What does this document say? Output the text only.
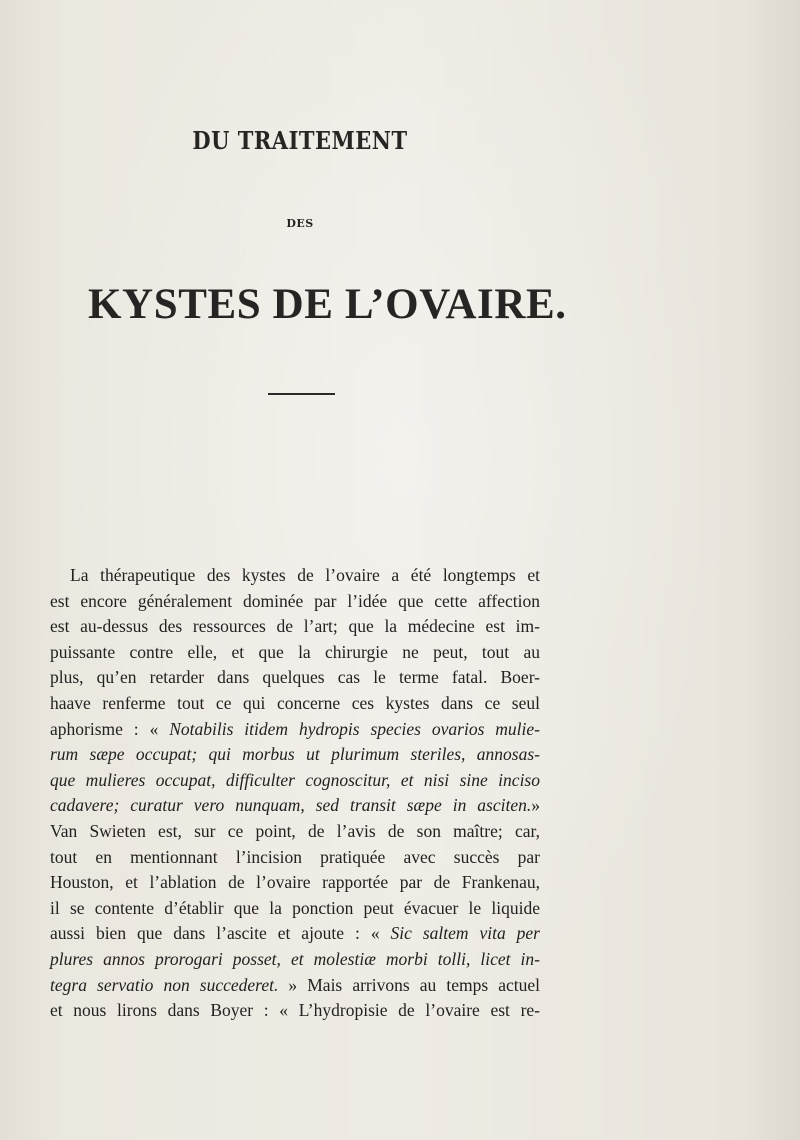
DU TRAITEMENT
DES
KYSTES DE L’OVAIRE.
La thérapeutique des kystes de l’ovaire a été longtemps et
est encore généralement dominée par l’idée que cette affection
est au-dessus des ressources de l’art; que la médecine est im-
puissante contre elle, et que la chirurgie ne peut, tout au
plus, qu’en retarder dans quelques cas le terme fatal. Boer-
haave renferme tout ce qui concerne ces kystes dans ce seul
aphorisme : « Notabilis itidem hydropis species ovarios mulie-
rum sæpe occupat; qui morbus ut plurimum steriles, annosas-
que mulieres occupat, difficulter cognoscitur, et nisi sine inciso
cadavere; curatur vero nunquam, sed transit sæpe in asciten.»
Van Swieten est, sur ce point, de l’avis de son maître; car,
tout en mentionnant l’incision pratiquée avec succès par
Houston, et l’ablation de l’ovaire rapportée par de Frankenau,
il se contente d’établir que la ponction peut évacuer le liquide
aussi bien que dans l’ascite et ajoute : « Sic saltem vita per
plures annos prorogari posset, et molestiæ morbi tolli, licet in-
tegra servatio non succederet. » Mais arrivons au temps actuel
et nous lirons dans Boyer : « L’hydropisie de l’ovaire est re-
